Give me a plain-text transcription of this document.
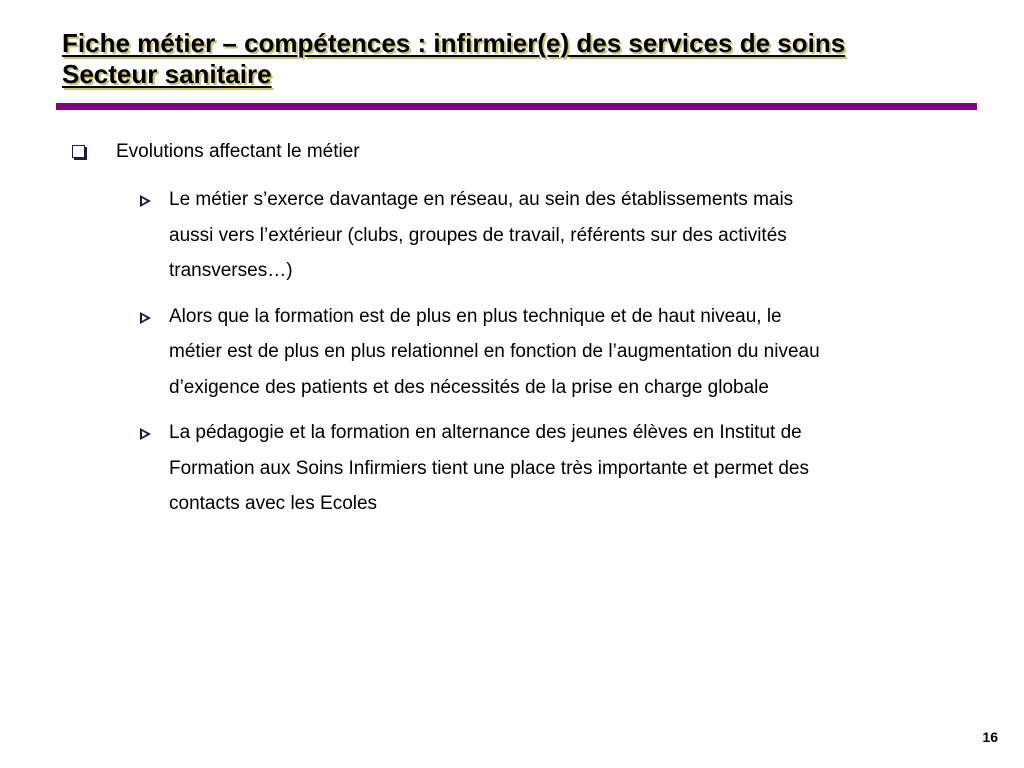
Fiche métier – compétences : infirmier(e) des services de soins
Secteur sanitaire
Evolutions affectant le métier
Le métier s’exerce davantage en réseau, au sein des établissements mais
aussi vers l’extérieur (clubs, groupes de travail, référents sur des activités
transverses…)
Alors que la formation est de plus en plus technique et de haut niveau, le
métier est de plus en plus relationnel en fonction de l’augmentation du niveau
d’exigence des patients et des nécessités de la prise en charge globale
La pédagogie et la formation en alternance des jeunes élèves en Institut de
Formation aux Soins Infirmiers tient une place très importante et permet des
contacts avec les Ecoles
16
